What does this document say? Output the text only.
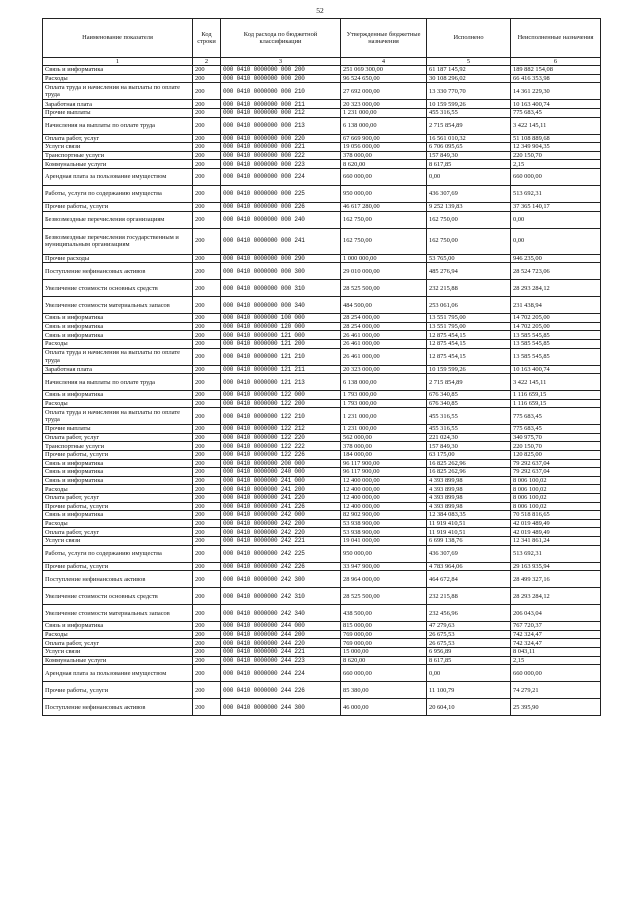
52
Наименование показателя	Код строки	Код расхода по бюджетной классификации	Утвержденные бюджетные назначения	Исполнено	Неисполненные назначения
1	2	3	4	5	6
Связь и информатика	200	000 0410 0000000 000 200	251 069 300,00	61 187 145,92	189 882 154,08
Расходы	200	000 0410 0000000 000 200	96 524 650,00	30 108 296,02	66 416 353,98
Оплата труда и начисления на выплаты по оплате труда	200	000 0410 0000000 000 210	27 692 000,00	13 330 770,70	14 361 229,30
Заработная плата	200	000 0410 0000000 000 211	20 323 000,00	10 159 599,26	10 163 400,74
Прочие выплаты	200	000 0410 0000000 000 212	1 231 000,00	455 316,55	775 683,45
Начисления на выплаты по оплате труда	200	000 0410 0000000 000 213	6 138 000,00	2 715 854,89	3 422 145,11
Оплата работ, услуг	200	000 0410 0000000 000 220	67 669 900,00	16 561 010,32	51 108 889,68
Услуги связи	200	000 0410 0000000 000 221	19 056 000,00	6 706 095,65	12 349 904,35
Транспортные услуги	200	000 0410 0000000 000 222	378 000,00	157 849,30	220 150,70
Коммунальные услуги	200	000 0410 0000000 000 223	8 620,00	8 617,85	2,15
Арендная плата за пользование имуществом	200	000 0410 0000000 000 224	660 000,00	0,00	660 000,00
Работы, услуги по содержанию имущества	200	000 0410 0000000 000 225	950 000,00	436 307,69	513 692,31
Прочие работы, услуги	200	000 0410 0000000 000 226	46 617 280,00	9 252 139,83	37 365 140,17
Безвозмездные перечисления организациям	200	000 0410 0000000 000 240	162 750,00	162 750,00	0,00
Безвозмездные перечисления государственным и муниципальным организациям	200	000 0410 0000000 000 241	162 750,00	162 750,00	0,00
Прочие расходы	200	000 0410 0000000 000 290	1 000 000,00	53 765,00	946 235,00
Поступление нефинансовых активов	200	000 0410 0000000 000 300	29 010 000,00	485 276,94	28 524 723,06
Увеличение стоимости основных средств	200	000 0410 0000000 000 310	28 525 500,00	232 215,88	28 293 284,12
Увеличение стоимости материальных запасов	200	000 0410 0000000 000 340	484 500,00	253 061,06	231 438,94
Связь и информатика	200	000 0410 0000000 100 000	28 254 000,00	13 551 795,00	14 702 205,00
Связь и информатика	200	000 0410 0000000 120 000	28 254 000,00	13 551 795,00	14 702 205,00
Связь и информатика	200	000 0410 0000000 121 000	26 461 000,00	12 875 454,15	13 585 545,85
Расходы	200	000 0410 0000000 121 200	26 461 000,00	12 875 454,15	13 585 545,85
Оплата труда и начисления на выплаты по оплате труда	200	000 0410 0000000 121 210	26 461 000,00	12 875 454,15	13 585 545,85
Заработная плата	200	000 0410 0000000 121 211	20 323 000,00	10 159 599,26	10 163 400,74
Начисления на выплаты по оплате труда	200	000 0410 0000000 121 213	6 138 000,00	2 715 854,89	3 422 145,11
Связь и информатика	200	000 0410 0000000 122 000	1 793 000,00	676 340,85	1 116 659,15
Расходы	200	000 0410 0000000 122 200	1 793 000,00	676 340,85	1 116 659,15
Оплата труда и начисления на выплаты по оплате труда	200	000 0410 0000000 122 210	1 231 000,00	455 316,55	775 683,45
Прочие выплаты	200	000 0410 0000000 122 212	1 231 000,00	455 316,55	775 683,45
Оплата работ, услуг	200	000 0410 0000000 122 220	562 000,00	221 024,30	340 975,70
Транспортные услуги	200	000 0410 0000000 122 222	378 000,00	157 849,30	220 150,70
Прочие работы, услуги	200	000 0410 0000000 122 226	184 000,00	63 175,00	120 825,00
Связь и информатика	200	000 0410 0000000 200 000	96 117 900,00	16 825 262,96	79 292 637,04
Связь и информатика	200	000 0410 0000000 240 000	96 117 900,00	16 825 262,96	79 292 637,04
Связь и информатика	200	000 0410 0000000 241 000	12 400 000,00	4 393 899,98	8 006 100,02
Расходы	200	000 0410 0000000 241 200	12 400 000,00	4 393 899,98	8 006 100,02
Оплата работ, услуг	200	000 0410 0000000 241 220	12 400 000,00	4 393 899,98	8 006 100,02
Прочие работы, услуги	200	000 0410 0000000 241 226	12 400 000,00	4 393 899,98	8 006 100,02
Связь и информатика	200	000 0410 0000000 242 000	82 902 900,00	12 384 083,35	70 518 816,65
Расходы	200	000 0410 0000000 242 200	53 938 900,00	11 919 410,51	42 019 489,49
Оплата работ, услуг	200	000 0410 0000000 242 220	53 938 900,00	11 919 410,51	42 019 489,49
Услуги связи	200	000 0410 0000000 242 221	19 041 000,00	6 699 138,76	12 341 861,24
Работы, услуги по содержанию имущества	200	000 0410 0000000 242 225	950 000,00	436 307,69	513 692,31
Прочие работы, услуги	200	000 0410 0000000 242 226	33 947 900,00	4 783 964,06	29 163 935,94
Поступление нефинансовых активов	200	000 0410 0000000 242 300	28 964 000,00	464 672,84	28 499 327,16
Увеличение стоимости основных средств	200	000 0410 0000000 242 310	28 525 500,00	232 215,88	28 293 284,12
Увеличение стоимости материальных запасов	200	000 0410 0000000 242 340	438 500,00	232 456,96	206 043,04
Связь и информатика	200	000 0410 0000000 244 000	815 000,00	47 279,63	767 720,37
Расходы	200	000 0410 0000000 244 200	769 000,00	26 675,53	742 324,47
Оплата работ, услуг	200	000 0410 0000000 244 220	769 000,00	26 675,53	742 324,47
Услуги связи	200	000 0410 0000000 244 221	15 000,00	6 956,89	8 043,11
Коммунальные услуги	200	000 0410 0000000 244 223	8 620,00	8 617,85	2,15
Арендная плата за пользование имуществом	200	000 0410 0000000 244 224	660 000,00	0,00	660 000,00
Прочие работы, услуги	200	000 0410 0000000 244 226	85 380,00	11 100,79	74 279,21
Поступление нефинансовых активов	200	000 0410 0000000 244 300	46 000,00	20 604,10	25 395,90
